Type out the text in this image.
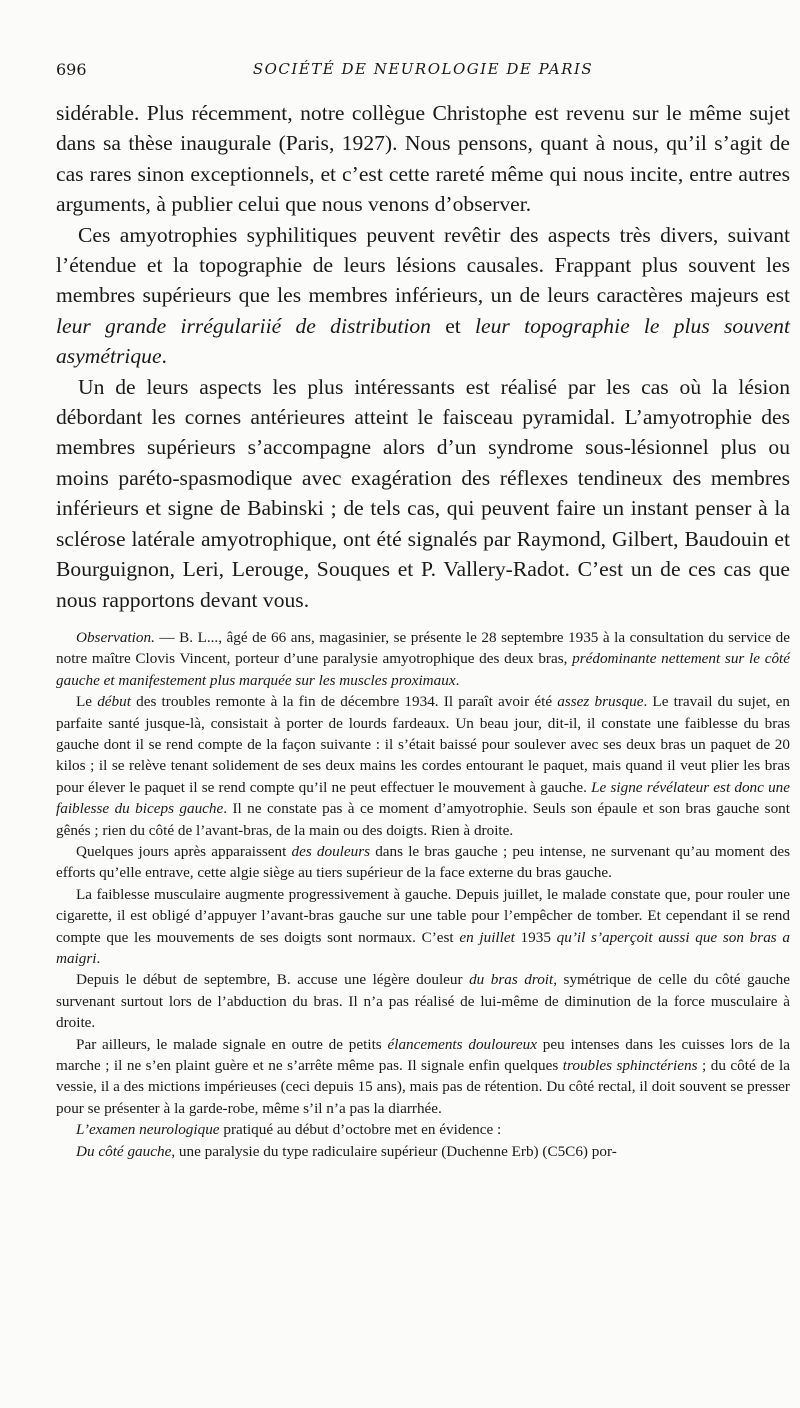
696	SOCIÉTÉ DE NEUROLOGIE DE PARIS

sidérable. Plus récemment, notre collègue Christophe est revenu sur le même sujet dans sa thèse inaugurale (Paris, 1927). Nous pensons, quant à nous, qu’il s’agit de cas rares sinon exceptionnels, et c’est cette rareté même qui nous incite, entre autres arguments, à publier celui que nous venons d’observer.

Ces amyotrophies syphilitiques peuvent revêtir des aspects très divers, suivant l’étendue et la topographie de leurs lésions causales. Frappant plus souvent les membres supérieurs que les membres inférieurs, un de leurs caractères majeurs est leur grande irrégulariié de distribution et leur topographie le plus souvent asymétrique.

Un de leurs aspects les plus intéressants est réalisé par les cas où la lésion débordant les cornes antérieures atteint le faisceau pyramidal. L’amyotrophie des membres supérieurs s’accompagne alors d’un syndrome sous-lésionnel plus ou moins paréto-spasmodique avec exagération des réflexes tendineux des membres inférieurs et signe de Babinski ; de tels cas, qui peuvent faire un instant penser à la sclérose latérale amyotrophique, ont été signalés par Raymond, Gilbert, Baudouin et Bourguignon, Leri, Lerouge, Souques et P. Vallery-Radot. C’est un de ces cas que nous rapportons devant vous.

Observation. — B. L..., âgé de 66 ans, magasinier, se présente le 28 septembre 1935 à la consultation du service de notre maître Clovis Vincent, porteur d’une paralysie amyotrophique des deux bras, prédominante nettement sur le côté gauche et manifestement plus marquée sur les muscles proximaux.

Le début des troubles remonte à la fin de décembre 1934. Il paraît avoir été assez brusque. Le travail du sujet, en parfaite santé jusque-là, consistait à porter de lourds fardeaux. Un beau jour, dit-il, il constate une faiblesse du bras gauche dont il se rend compte de la façon suivante : il s’était baissé pour soulever avec ses deux bras un paquet de 20 kilos ; il se relève tenant solidement de ses deux mains les cordes entourant le paquet, mais quand il veut plier les bras pour élever le paquet il se rend compte qu’il ne peut effectuer le mouvement à gauche. Le signe révélateur est donc une faiblesse du biceps gauche. Il ne constate pas à ce moment d’amyotrophie. Seuls son épaule et son bras gauche sont gênés ; rien du côté de l’avant-bras, de la main ou des doigts. Rien à droite.

Quelques jours après apparaissent des douleurs dans le bras gauche ; peu intense, ne survenant qu’au moment des efforts qu’elle entrave, cette algie siège au tiers supérieur de la face externe du bras gauche.

La faiblesse musculaire augmente progressivement à gauche. Depuis juillet, le malade constate que, pour rouler une cigarette, il est obligé d’appuyer l’avant-bras gauche sur une table pour l’empêcher de tomber. Et cependant il se rend compte que les mouvements de ses doigts sont normaux. C’est en juillet 1935 qu’il s’aperçoit aussi que son bras a maigri.

Depuis le début de septembre, B. accuse une légère douleur du bras droit, symétrique de celle du côté gauche survenant surtout lors de l’abduction du bras. Il n’a pas réalisé de lui-même de diminution de la force musculaire à droite.

Par ailleurs, le malade signale en outre de petits élancements douloureux peu intenses dans les cuisses lors de la marche ; il ne s’en plaint guère et ne s’arrête même pas. Il signale enfin quelques troubles sphinctériens ; du côté de la vessie, il a des mictions impérieuses (ceci depuis 15 ans), mais pas de rétention. Du côté rectal, il doit souvent se presser pour se présenter à la garde-robe, même s’il n’a pas la diarrhée.

L’examen neurologique pratiqué au début d’octobre met en évidence :

Du côté gauche, une paralysie du type radiculaire supérieur (Duchenne Erb) (C5C6) por-
